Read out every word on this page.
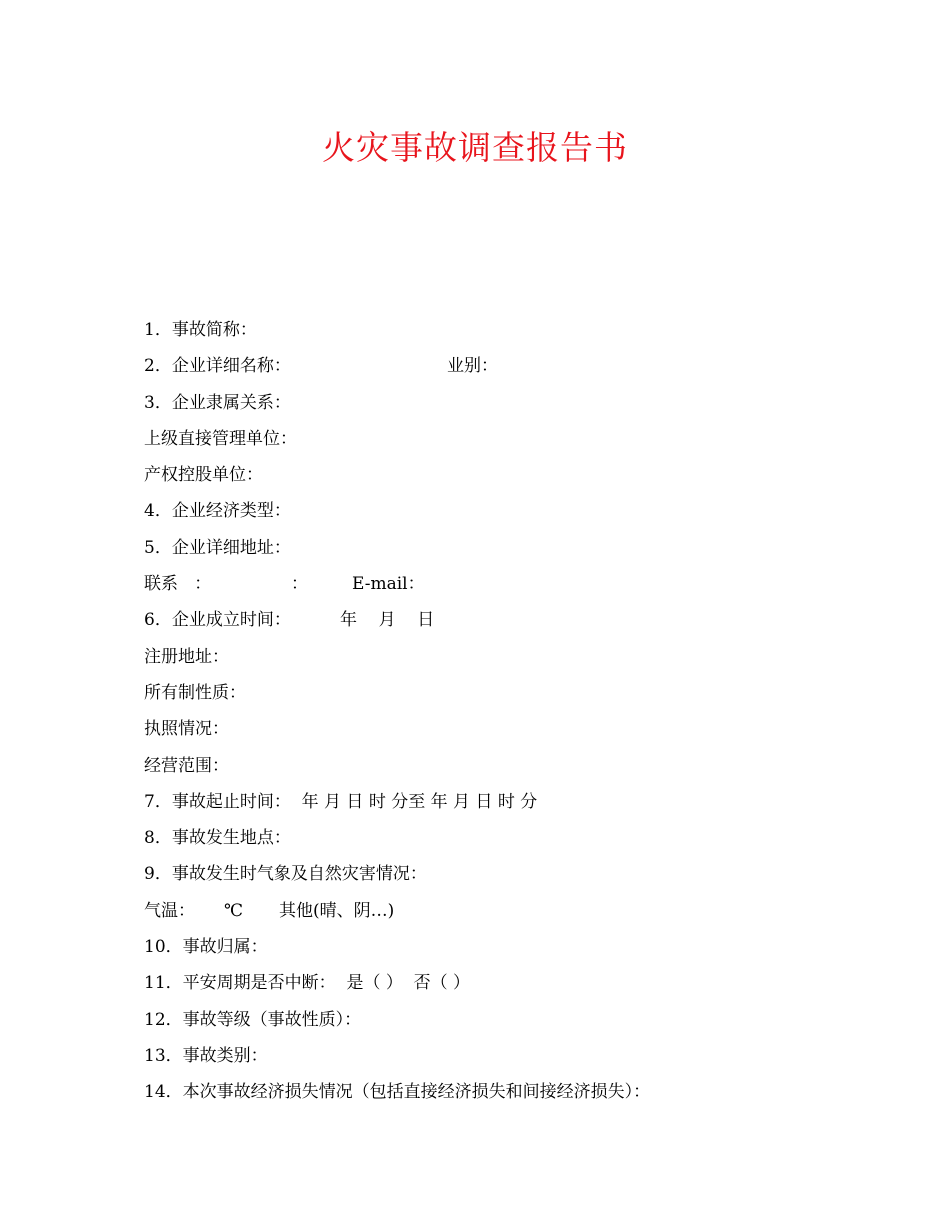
火灾事故调查报告书
1．事故简称：
2．企业详细名称：	业别：
3．企业隶属关系：
上级直接管理单位：
产权控股单位：
4．企业经济类型：
5．企业详细地址：
联系   ：	：	E-mail：
6．企业成立时间：	年    月    日
注册地址：
所有制性质：
执照情况：
经营范围：
7．事故起止时间：  年 月 日 时 分至 年 月 日 时 分
8．事故发生地点：
9．事故发生时气象及自然灾害情况：
气温： ℃ 其他(晴、阴…)
10．事故归属：
11．平安周期是否中断：  是（ ）  否（ ）
12．事故等级（事故性质）：
13．事故类别：
14．本次事故经济损失情况（包括直接经济损失和间接经济损失）：
